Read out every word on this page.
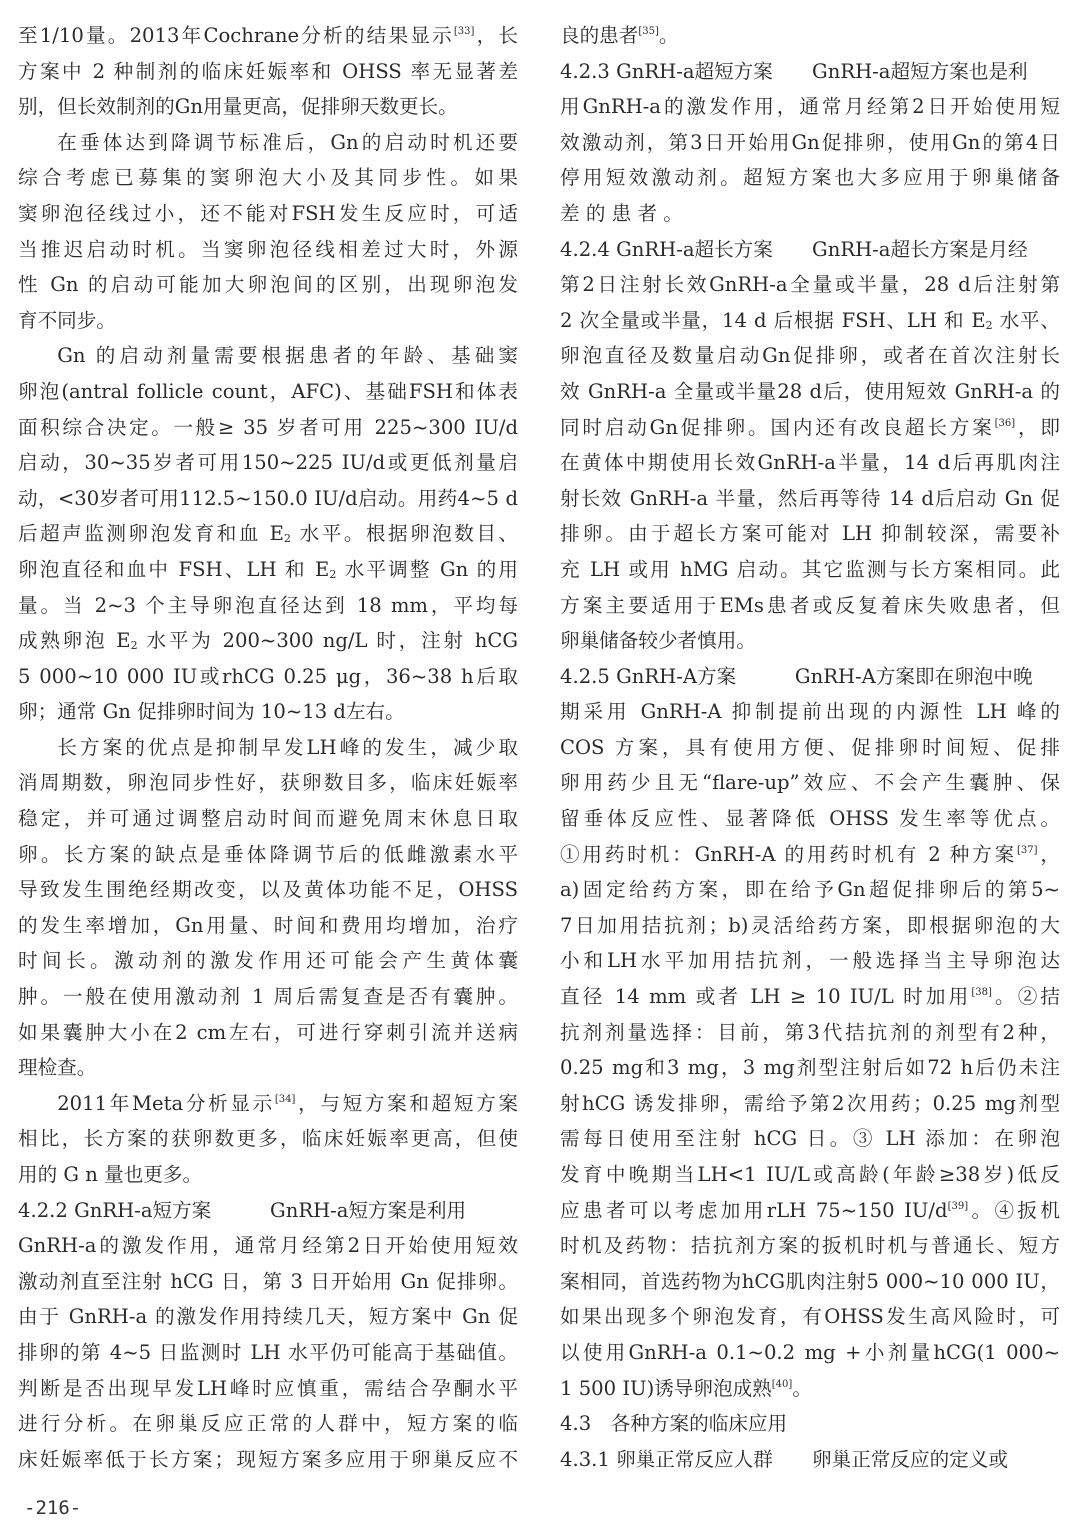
至1/10量。2013年Cochrane分析的结果显示[33]，长
方案中 2 种制剂的临床妊娠率和 OHSS 率无显著差
别，但长效制剂的Gn用量更高，促排卵天数更长。
在垂体达到降调节标准后，Gn的启动时机还要
综合考虑已募集的窦卵泡大小及其同步性。如果
窦卵泡径线过小，还不能对FSH发生反应时，可适
当推迟启动时机。当窦卵泡径线相差过大时，外源
性 Gn 的启动可能加大卵泡间的区别，出现卵泡发
育不同步。
Gn 的启动剂量需要根据患者的年龄、基础窦
卵泡(antral follicle count，AFC)、基础FSH和体表
面积综合决定。一般≥ 35 岁者可用 225~300 IU/d
启动，30~35岁者可用150~225 IU/d或更低剂量启
动，<30岁者可用112.5~150.0 IU/d启动。用药4~5 d
后超声监测卵泡发育和血 $E_2$ 水平。根据卵泡数目、
卵泡直径和血中 FSH、LH 和 $E_2$ 水平调整 Gn 的用
量。当 2~3 个主导卵泡直径达到 18 mm，平均每
成熟卵泡 $E_2$ 水平为 200~300 ng/L 时，注射 hCG
5 000~10 000 IU或rhCG 0.25 μg，36~38 h后取
卵；通常 Gn 促排卵时间为 10~13 d左右。
长方案的优点是抑制早发LH峰的发生，减少取
消周期数，卵泡同步性好，获卵数目多，临床妊娠率
稳定，并可通过调整启动时间而避免周末休息日取
卵。长方案的缺点是垂体降调节后的低雌激素水平
导致发生围绝经期改变，以及黄体功能不足，OHSS
的发生率增加，Gn用量、时间和费用均增加，治疗
时间长。激动剂的激发作用还可能会产生黄体囊
肿。一般在使用激动剂 1 周后需复查是否有囊肿。
如果囊肿大小在2 cm左右，可进行穿刺引流并送病
理检查。
2011年Meta分析显示[34]，与短方案和超短方案
相比，长方案的获卵数更多，临床妊娠率更高，但使
用的 G n 量也更多。
4.2.2 GnRH-a短方案　　　GnRH-a短方案是利用
GnRH-a的激发作用，通常月经第2日开始使用短效
激动剂直至注射 hCG 日，第 3 日开始用 Gn 促排卵。
由于 GnRH-a 的激发作用持续几天，短方案中 Gn 促
排卵的第 4~5 日监测时 LH 水平仍可能高于基础值。
判断是否出现早发LH峰时应慎重，需结合孕酮水平
进行分析。在卵巢反应正常的人群中，短方案的临
床妊娠率低于长方案；现短方案多应用于卵巢反应不
良的患者[35]。
4.2.3 GnRH-a超短方案　　GnRH-a超短方案也是利
用GnRH-a的激发作用，通常月经第2日开始使用短
效激动剂，第3日开始用Gn促排卵，使用Gn的第4日
停用短效激动剂。超短方案也大多应用于卵巢储备
差 的 患 者 。
4.2.4 GnRH-a超长方案　　GnRH-a超长方案是月经
第2日注射长效GnRH-a全量或半量，28 d后注射第
2 次全量或半量，14 d 后根据 FSH、LH 和 $E_2$ 水平、
卵泡直径及数量启动Gn促排卵，或者在首次注射长
效 GnRH-a 全量或半量28 d后，使用短效 GnRH-a 的
同时启动Gn促排卵。国内还有改良超长方案[36]，即
在黄体中期使用长效GnRH-a半量，14 d后再肌肉注
射长效 GnRH-a 半量，然后再等待 14 d后启动 Gn 促
排卵。由于超长方案可能对 LH 抑制较深，需要补
充 LH 或用 hMG 启动。其它监测与长方案相同。此
方案主要适用于EMs患者或反复着床失败患者，但
卵巢储备较少者慎用。
4.2.5 GnRH-A方案　　　GnRH-A方案即在卵泡中晚
期采用 GnRH-A 抑制提前出现的内源性 LH 峰的
COS 方案，具有使用方便、促排卵时间短、促排
卵用药少且无“flare-up”效应、不会产生囊肿、保
留垂体反应性、显著降低 OHSS 发生率等优点。
①用药时机：GnRH-A 的用药时机有 2 种方案[37]，
a)固定给药方案，即在给予Gn超促排卵后的第5~
7日加用拮抗剂；b)灵活给药方案，即根据卵泡的大
小和LH水平加用拮抗剂，一般选择当主导卵泡达
直径 14 mm 或者 LH ≥ 10 IU/L 时加用[38]。②拮
抗剂剂量选择：目前，第3代拮抗剂的剂型有2种，
0.25 mg和3 mg，3 mg剂型注射后如72 h后仍未注
射hCG 诱发排卵，需给予第2次用药；0.25 mg剂型
需每日使用至注射 hCG 日。③ LH 添加：在卵泡
发育中晚期当LH<1 IU/L或高龄(年龄≥38岁)低反
应患者可以考虑加用rLH 75~150 IU/d[39]。④扳机
时机及药物：拮抗剂方案的扳机时机与普通长、短方
案相同，首选药物为hCG肌肉注射5 000~10 000 IU，
如果出现多个卵泡发育，有OHSS发生高风险时，可
以使用GnRH-a 0.1~0.2 mg +小剂量hCG(1 000~
1 500 IU)诱导卵泡成熟[40]。
4.3　各种方案的临床应用
4.3.1 卵巢正常反应人群　　卵巢正常反应的定义或
-216-
